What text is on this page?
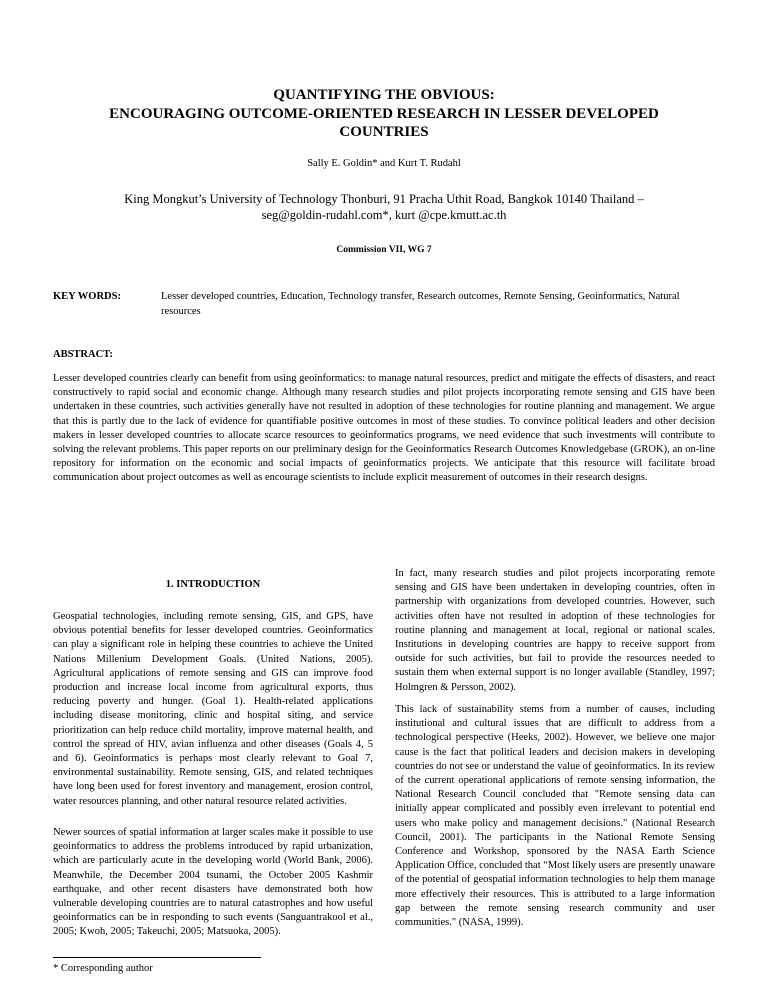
QUANTIFYING THE OBVIOUS:
ENCOURAGING OUTCOME-ORIENTED RESEARCH IN LESSER DEVELOPED
COUNTRIES
Sally E. Goldin* and Kurt T. Rudahl
King Mongkut’s University of Technology Thonburi, 91 Pracha Uthit Road, Bangkok 10140 Thailand –
seg@goldin-rudahl.com*, kurt @cpe.kmutt.ac.th
Commission VII, WG 7
KEY WORDS:	Lesser developed countries, Education, Technology transfer, Research outcomes, Remote Sensing, Geoinformatics, Natural resources
ABSTRACT:

Lesser developed countries clearly can benefit from using geoinformatics: to manage natural resources, predict and mitigate the effects of disasters, and react constructively to rapid social and economic change. Although many research studies and pilot projects incorporating remote sensing and GIS have been undertaken in these countries, such activities generally have not resulted in adoption of these technologies for routine planning and management. We argue that this is partly due to the lack of evidence for quantifiable positive outcomes in most of these studies. To convince political leaders and other decision makers in lesser developed countries to allocate scarce resources to geoinformatics programs, we need evidence that such investments will contribute to solving the relevant problems. This paper reports on our preliminary design for the Geoinformatics Research Outcomes Knowledgebase (GROK), an on-line repository for information on the economic and social impacts of geoinformatics projects. We anticipate that this resource will facilitate broad communication about project outcomes as well as encourage scientists to include explicit measurement of outcomes in their research designs.

1. INTRODUCTION

Geospatial technologies, including remote sensing, GIS, and GPS, have obvious potential benefits for lesser developed countries. Geoinformatics can play a significant role in helping these countries to achieve the United Nations Millenium Development Goals. (United Nations, 2005). Agricultural applications of remote sensing and GIS can improve food production and increase local income from agricultural exports, thus reducing poverty and hunger. (Goal 1). Health-related applications including disease monitoring, clinic and hospital siting, and service prioritization can help reduce child mortality, improve maternal health, and control the spread of HIV, avian influenza and other diseases (Goals 4, 5 and 6). Geoinformatics is perhaps most clearly relevant to Goal 7, environmental sustainability. Remote sensing, GIS, and related techniques have long been used for forest inventory and management, erosion control, water resources planning, and other natural resource related activities.

Newer sources of spatial information at larger scales make it possible to use geoinformatics to address the problems introduced by rapid urbanization, which are particularly acute in the developing world (World Bank, 2006). Meanwhile, the December 2004 tsunami, the October 2005 Kashmir earthquake, and other recent disasters have demonstrated both how vulnerable developing countries are to natural catastrophes and how useful geoinformatics can be in responding to such events (Sanguantrakool et al., 2005; Kwoh, 2005; Takeuchi, 2005; Matsuoka, 2005).

In fact, many research studies and pilot projects incorporating remote sensing and GIS have been undertaken in developing countries, often in partnership with organizations from developed countries. However, such activities often have not resulted in adoption of these technologies for routine planning and management at local, regional or national scales. Institutions in developing countries are happy to receive support from outside for such activities, but fail to provide the resources needed to sustain them when external support is no longer available (Standley, 1997; Holmgren & Persson, 2002).

This lack of sustainability stems from a number of causes, including institutional and cultural issues that are difficult to address from a technological perspective (Heeks, 2002). However, we believe one major cause is the fact that political leaders and decision makers in developing countries do not see or understand the value of geoinformatics. In its review of the current operational applications of remote sensing information, the National Research Council concluded that "Remote sensing data can initially appear complicated and possibly even irrelevant to potential end users who make policy and management decisions." (National Research Council, 2001). The participants in the National Remote Sensing Conference and Workshop, sponsored by the NASA Earth Science Application Office, concluded that “Most likely users are presently unaware of the potential of geospatial information technologies to help them manage more effectively their resources. This is attributed to a large information gap between the remote sensing research community and user communities." (NASA, 1999).

* Corresponding author
